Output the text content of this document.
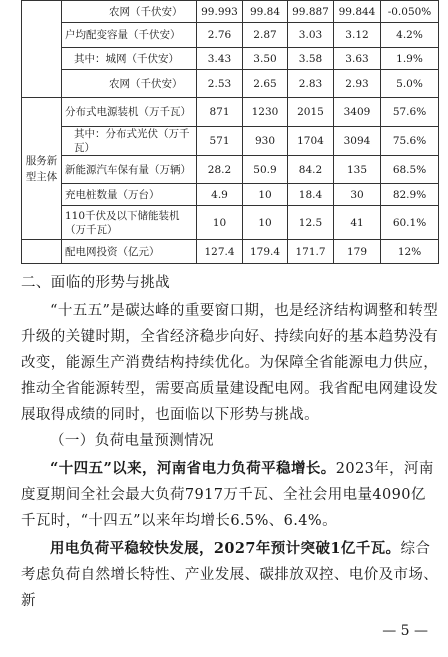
	农网（千伏安）	99.993	99.84	99.887	99.844	-0.050%
	户均配变容量（千伏安）	2.76	2.87	3.03	3.12	4.2%
	其中：城网（千伏安）	3.43	3.50	3.58	3.63	1.9%
	农网（千伏安）	2.53	2.65	2.83	2.93	5.0%
服务新型主体	分布式电源装机（万千瓦）	871	1230	2015	3409	57.6%
	其中：分布式光伏（万千瓦）	571	930	1704	3094	75.6%
	新能源汽车保有量（万辆）	28.2	50.9	84.2	135	68.5%
	充电桩数量（万台）	4.9	10	18.4	30	82.9%
	110千伏及以下储能装机（万千瓦）	10	10	12.5	41	60.1%
	配电网投资（亿元）	127.4	179.4	171.7	179	12%
二、面临的形势与挑战
“十五五”是碳达峰的重要窗口期，也是经济结构调整和转型升级的关键时期，全省经济稳步向好、持续向好的基本趋势没有改变，能源生产消费结构持续优化。为保障全省能源电力供应，推动全省能源转型，需要高质量建设配电网。我省配电网建设发展取得成绩的同时，也面临以下形势与挑战。
（一）负荷电量预测情况
“十四五”以来，河南省电力负荷平稳增长。2023年，河南度夏期间全社会最大负荷7917万千瓦、全社会用电量4090亿千瓦时，“十四五”以来年均增长6.5%、6.4%。
用电负荷平稳较快发展，2027年预计突破1亿千瓦。综合考虑负荷自然增长特性、产业发展、碳排放双控、电价及市场、新
— 5 —
